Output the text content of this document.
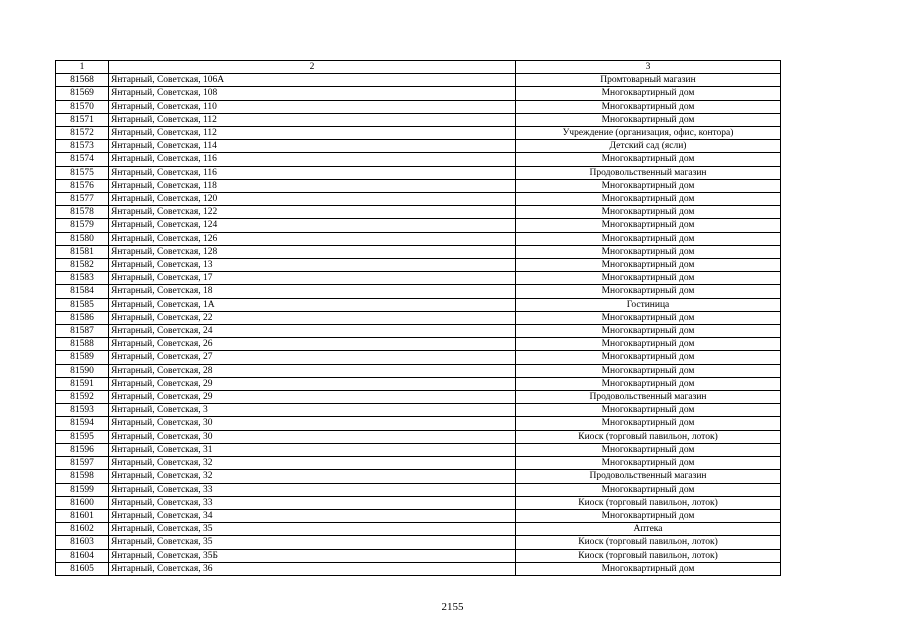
1	2	3
81568	Янтарный, Советская, 106А	Промтоварный магазин
81569	Янтарный, Советская, 108	Многоквартирный дом
81570	Янтарный, Советская, 110	Многоквартирный дом
81571	Янтарный, Советская, 112	Многоквартирный дом
81572	Янтарный, Советская, 112	Учреждение (организация, офис, контора)
81573	Янтарный, Советская, 114	Детский сад (ясли)
81574	Янтарный, Советская, 116	Многоквартирный дом
81575	Янтарный, Советская, 116	Продовольственный магазин
81576	Янтарный, Советская, 118	Многоквартирный дом
81577	Янтарный, Советская, 120	Многоквартирный дом
81578	Янтарный, Советская, 122	Многоквартирный дом
81579	Янтарный, Советская, 124	Многоквартирный дом
81580	Янтарный, Советская, 126	Многоквартирный дом
81581	Янтарный, Советская, 128	Многоквартирный дом
81582	Янтарный, Советская, 13	Многоквартирный дом
81583	Янтарный, Советская, 17	Многоквартирный дом
81584	Янтарный, Советская, 18	Многоквартирный дом
81585	Янтарный, Советская, 1А	Гостиница
81586	Янтарный, Советская, 22	Многоквартирный дом
81587	Янтарный, Советская, 24	Многоквартирный дом
81588	Янтарный, Советская, 26	Многоквартирный дом
81589	Янтарный, Советская, 27	Многоквартирный дом
81590	Янтарный, Советская, 28	Многоквартирный дом
81591	Янтарный, Советская, 29	Многоквартирный дом
81592	Янтарный, Советская, 29	Продовольственный магазин
81593	Янтарный, Советская, 3	Многоквартирный дом
81594	Янтарный, Советская, 30	Многоквартирный дом
81595	Янтарный, Советская, 30	Киоск (торговый павильон, лоток)
81596	Янтарный, Советская, 31	Многоквартирный дом
81597	Янтарный, Советская, 32	Многоквартирный дом
81598	Янтарный, Советская, 32	Продовольственный магазин
81599	Янтарный, Советская, 33	Многоквартирный дом
81600	Янтарный, Советская, 33	Киоск (торговый павильон, лоток)
81601	Янтарный, Советская, 34	Многоквартирный дом
81602	Янтарный, Советская, 35	Аптека
81603	Янтарный, Советская, 35	Киоск (торговый павильон, лоток)
81604	Янтарный, Советская, 35Б	Киоск (торговый павильон, лоток)
81605	Янтарный, Советская, 36	Многоквартирный дом
2155
